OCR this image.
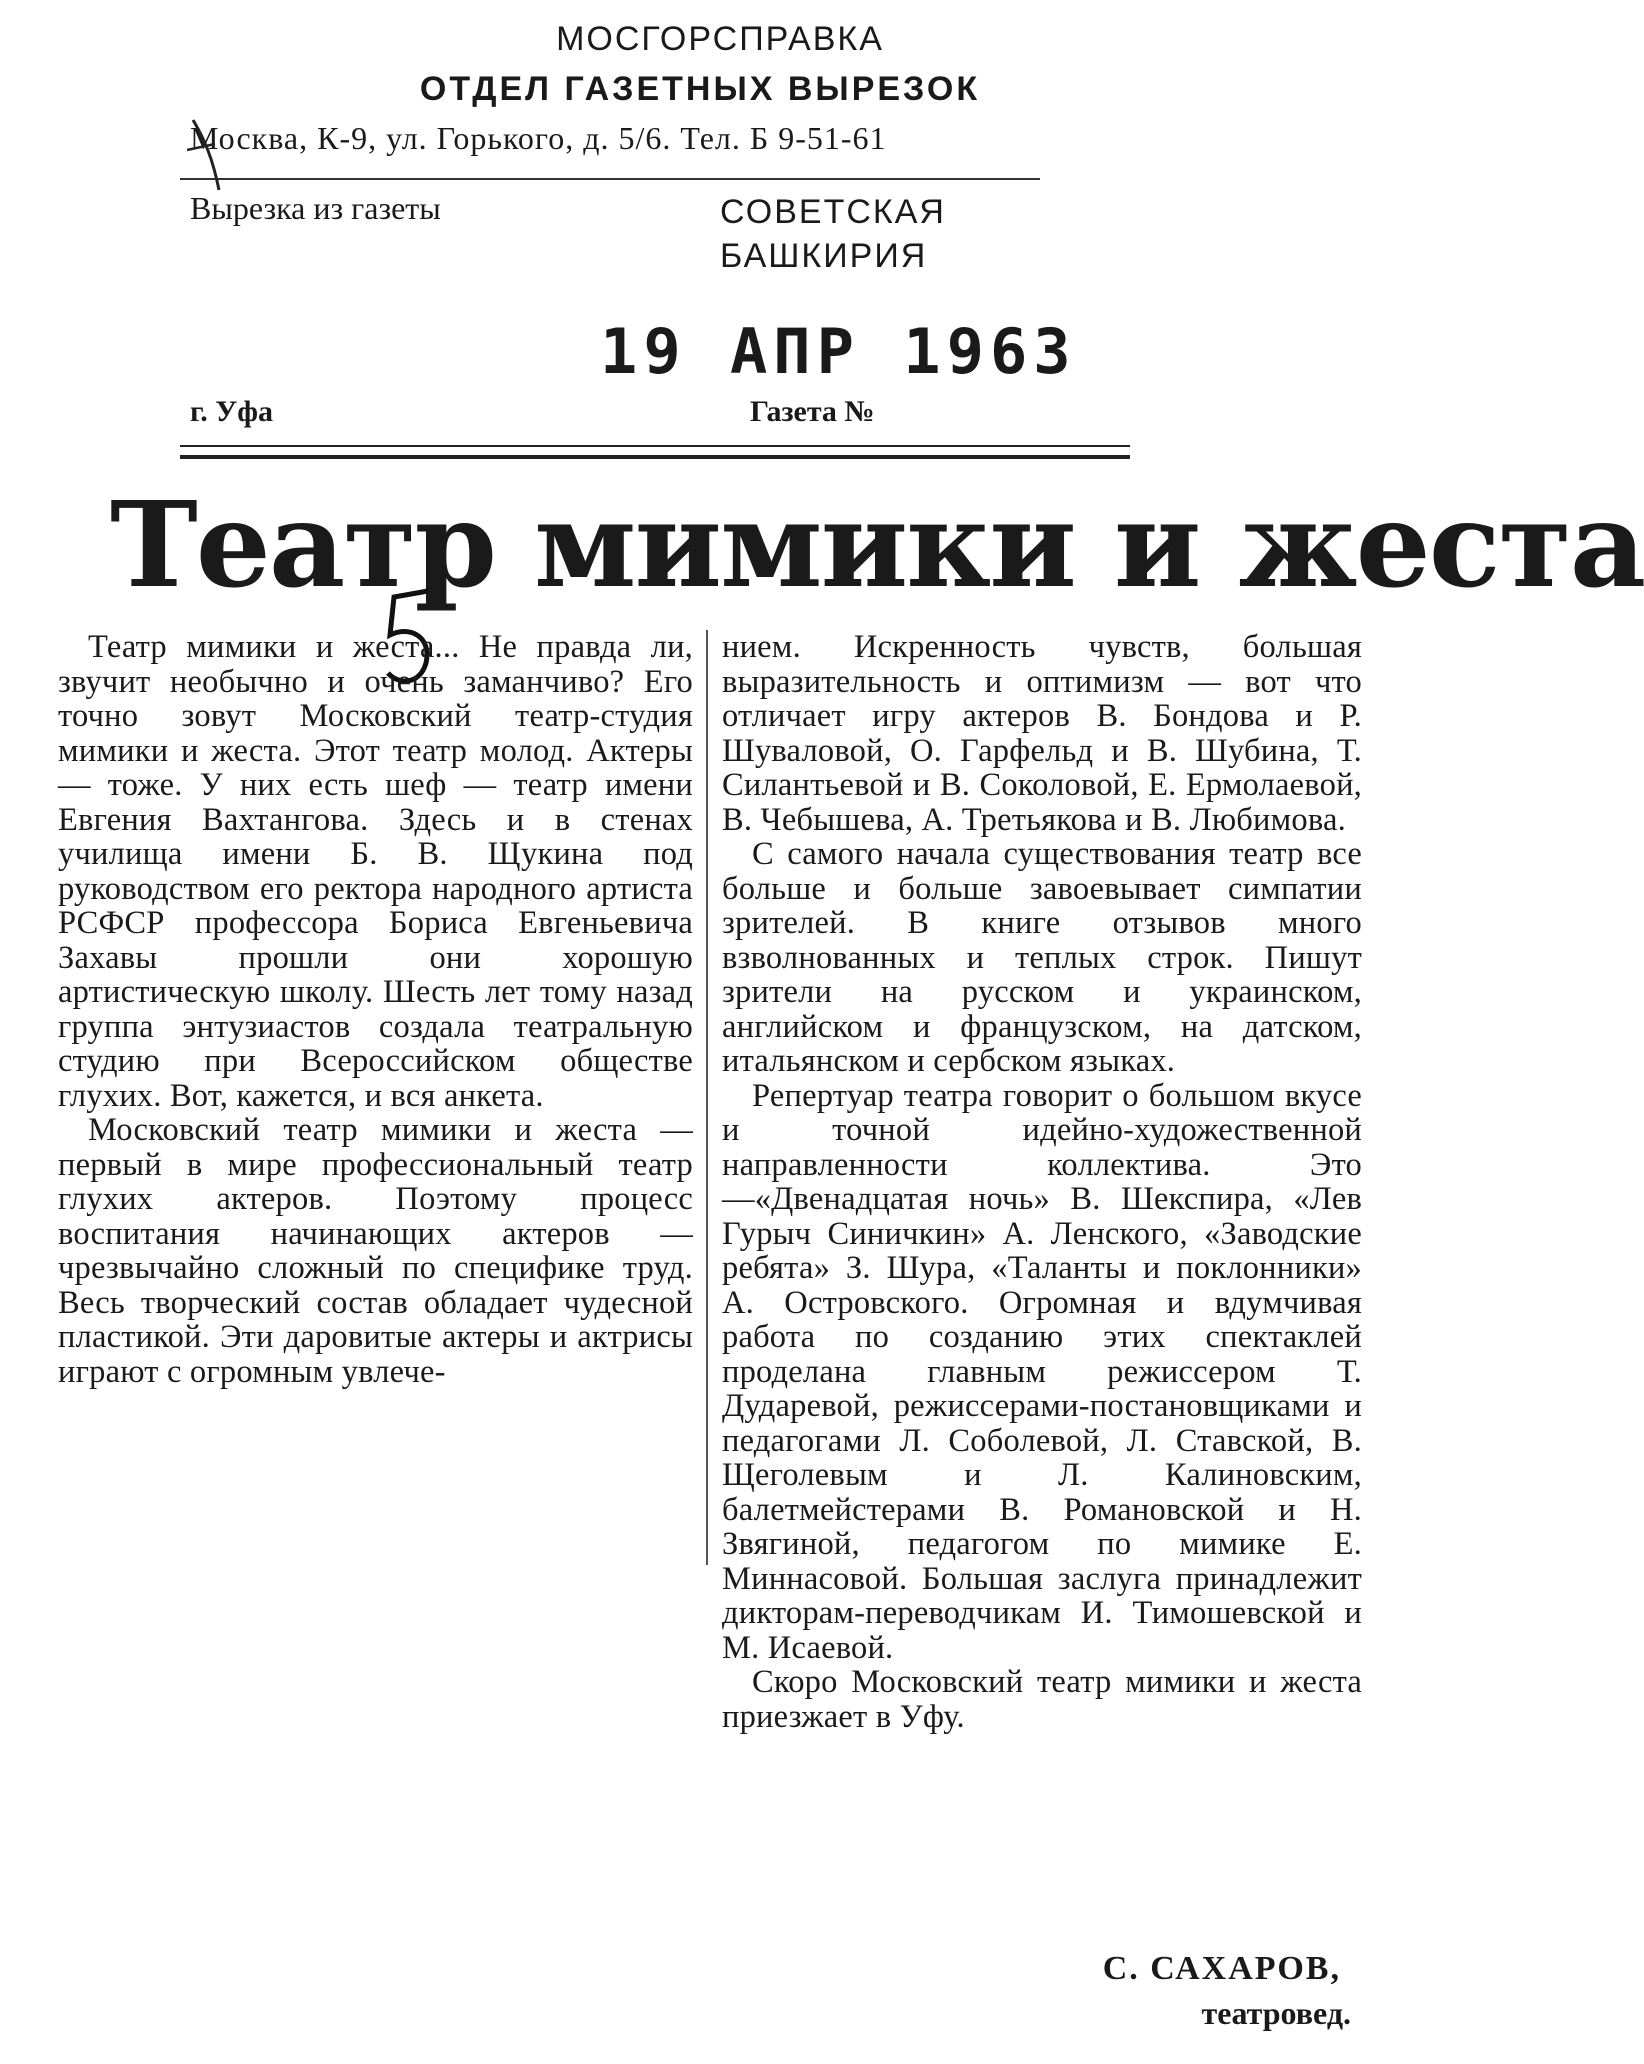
МОСГОРСПРАВКА
ОТДЕЛ ГАЗЕТНЫХ ВЫРЕЗОК
Москва, К-9, ул. Горького, д. 5/6. Тел. Б 9-51-61
Вырезка из газеты	СОВЕТСКАЯ БАШКИРИЯ
19 АПР 1963
г. Уфа	Газета №
Театр мимики и жеста

Театр мимики и жеста... Не правда ли, звучит необычно и очень заманчиво? Его точно зовут Московский театр-студия мимики и жеста. Этот театр молод. Актеры — тоже. У них есть шеф — театр имени Евгения Вахтангова. Здесь и в стенах училища имени Б. В. Щукина под руководством его ректора народного артиста РСФСР профессора Бориса Евгеньевича Захавы прошли они хорошую артистическую школу. Шесть лет тому назад группа энтузиастов создала театральную студию при Всероссийском обществе глухих. Вот, кажется, и вся анкета.

Московский театр мимики и жеста — первый в мире профессиональный театр глухих актеров. Поэтому процесс воспитания начинающих актеров — чрезвычайно сложный по специфике труд. Весь творческий состав обладает чудесной пластикой. Эти даровитые актеры и актрисы играют с огромным увлече-

нием. Искренность чувств, большая выразительность и оптимизм — вот что отличает игру актеров В. Бондова и Р. Шуваловой, О. Гарфельд и В. Шубина, Т. Силантьевой и В. Соколовой, Е. Ермолаевой, В. Чебышева, А. Третьякова и В. Любимова.

С самого начала существования театр все больше и больше завоевывает симпатии зрителей. В книге отзывов много взволнованных и теплых строк. Пишут зрители на русском и украинском, английском и французском, на датском, итальянском и сербском языках.

Репертуар театра говорит о большом вкусе и точной идейно-художественной направленности коллектива. Это—«Двенадцатая ночь» В. Шекспира, «Лев Гурыч Синичкин» А. Ленского, «Заводские ребята» З. Шура, «Таланты и поклонники» А. Островского. Огромная и вдумчивая работа по созданию этих спектаклей проделана главным режиссером Т. Дударевой, режиссерами-постановщиками и педагогами Л. Соболевой, Л. Ставской, В. Щеголевым и Л. Калиновским, балетмейстерами В. Романовской и Н. Звягиной, педагогом по мимике Е. Миннасовой. Большая заслуга принадлежит дикторам-переводчикам И. Тимошевской и М. Исаевой.

Скоро Московский театр мимики и жеста приезжает в Уфу.

С. САХАРОВ,
театровед.
